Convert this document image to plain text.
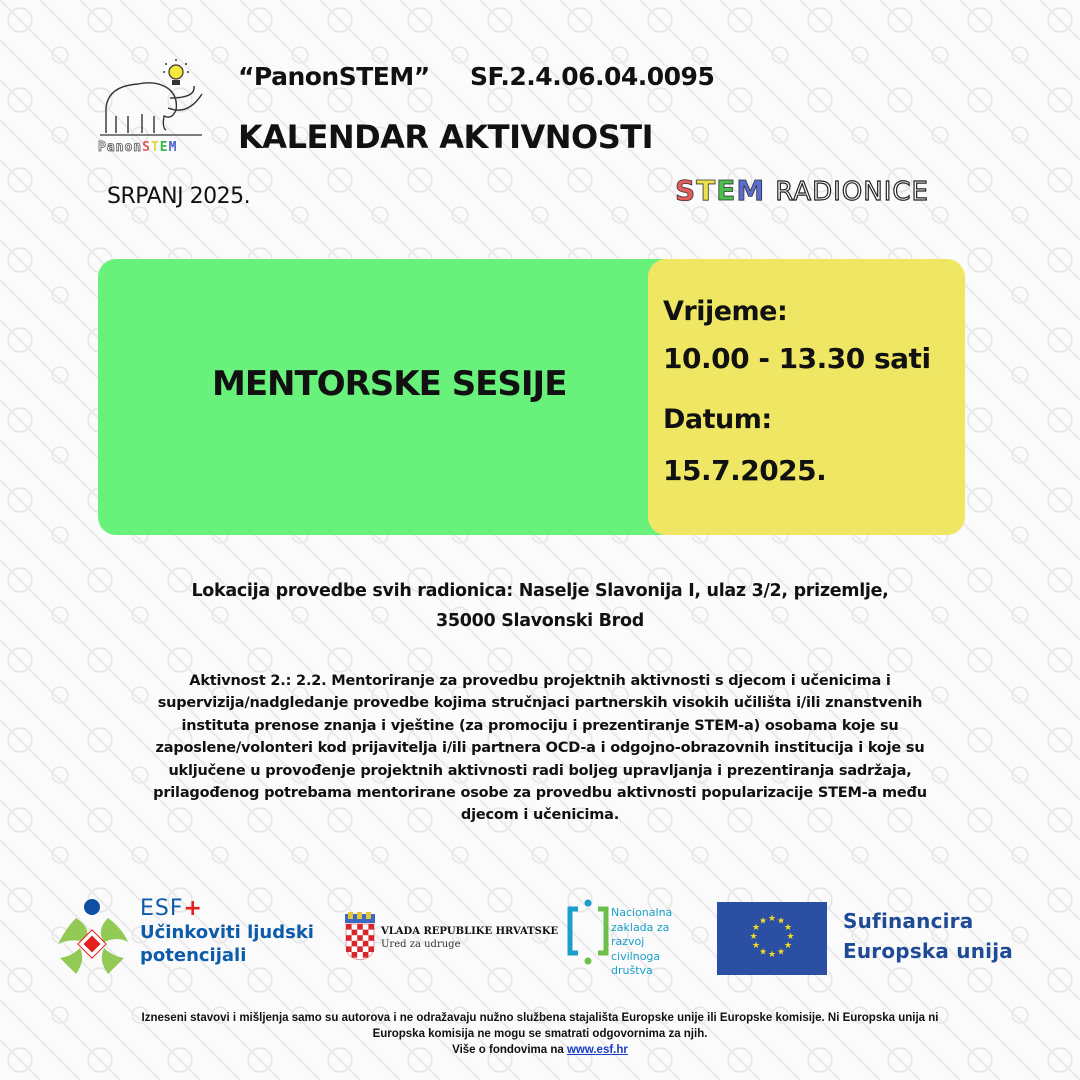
PanonSTEM
“PanonSTEM” SF.2.4.06.04.0095
KALENDAR AKTIVNOSTI
SRPANJ 2025.	STEM RADIONICE
MENTORSKE SESIJE
Vrijeme:
10.00 - 13.30 sati
Datum:
15.7.2025.
Lokacija provedbe svih radionica: Naselje Slavonija I, ulaz 3/2, prizemlje,
35000 Slavonski Brod
Aktivnost 2.: 2.2. Mentoriranje za provedbu projektnih aktivnosti s djecom i učenicima i
supervizija/nadgledanje provedbe kojima stručnjaci partnerskih visokih učilišta i/ili znanstvenih
instituta prenose znanja i vještine (za promociju i prezentiranje STEM-a) osobama koje su
zaposlene/volonteri kod prijavitelja i/ili partnera OCD-a i odgojno-obrazovnih institucija i koje su
uključene u provođenje projektnih aktivnosti radi boljeg upravljanja i prezentiranja sadržaja,
prilagođenog potrebama mentorirane osobe za provedbu aktivnosti popularizacije STEM-a među
djecom i učenicima.
ESF+
Učinkoviti ljudski
potencijali
VLADA REPUBLIKE HRVATSKE
Ured za udruge
Nacionalna
zaklada za
razvoj
civilnoga
društva
★ ★
★
★
★
★
★
★
★
★
★
★	Sufinancira
Europska unija
Izneseni stavovi i mišljenja samo su autorova i ne odražavaju nužno službena stajališta Europske unije ili Europske komisije. Ni Europska unija ni
Europska komisija ne mogu se smatrati odgovornima za njih.
Više o fondovima na www.esf.hr
